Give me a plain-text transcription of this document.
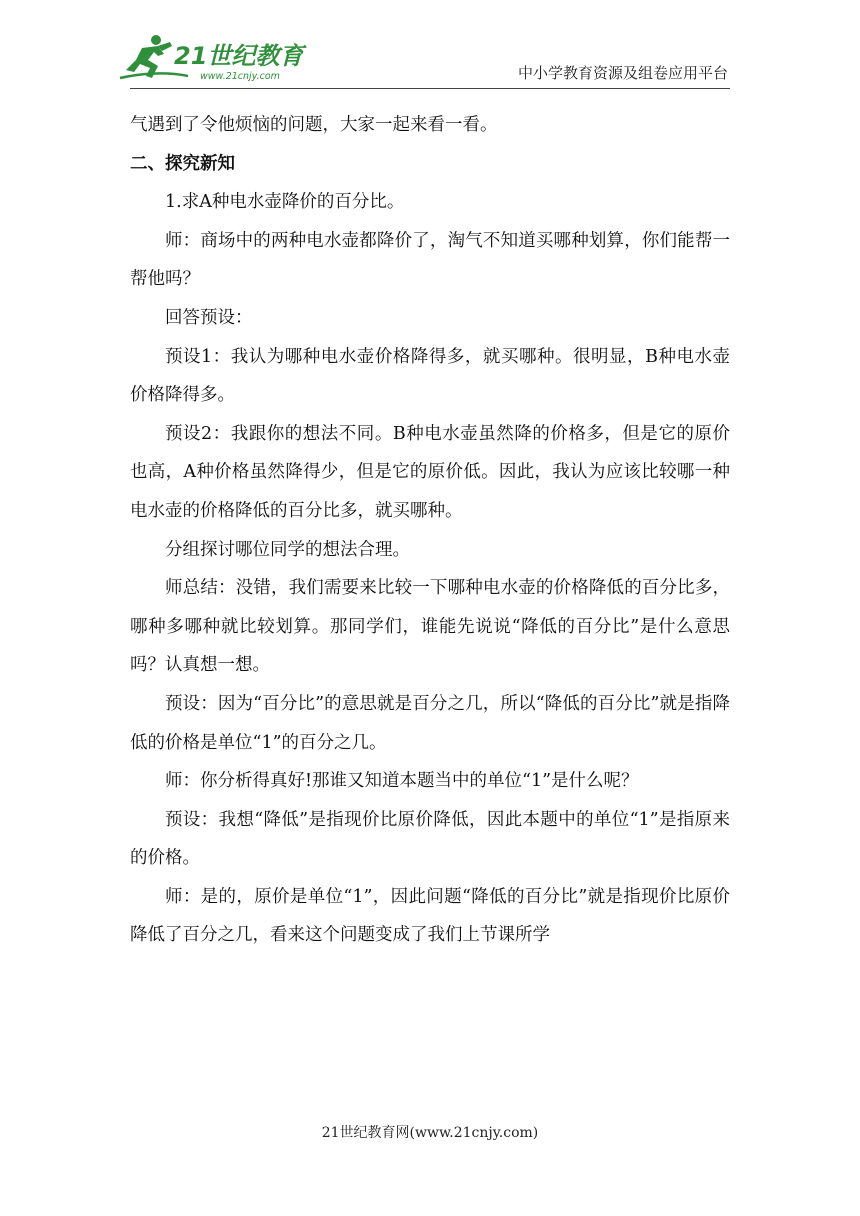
21世纪教育
www.21cnjy.com	中小学教育资源及组卷应用平台

气遇到了令他烦恼的问题，大家一起来看一看。

二、探究新知

1.求A种电水壶降价的百分比。

师：商场中的两种电水壶都降价了，淘气不知道买哪种划算，你们能帮一帮他吗？

回答预设：

预设1：我认为哪种电水壶价格降得多，就买哪种。很明显，B种电水壶价格降得多。

预设2：我跟你的想法不同。B种电水壶虽然降的价格多，但是它的原价也高，A种价格虽然降得少，但是它的原价低。因此，我认为应该比较哪一种电水壶的价格降低的百分比多，就买哪种。

分组探讨哪位同学的想法合理。

师总结：没错，我们需要来比较一下哪种电水壶的价格降低的百分比多，哪种多哪种就比较划算。那同学们，谁能先说说“降低的百分比”是什么意思吗？认真想一想。

预设：因为“百分比”的意思就是百分之几，所以“降低的百分比”就是指降低的价格是单位“1”的百分之几。

师：你分析得真好!那谁又知道本题当中的单位“1”是什么呢？

预设：我想“降低”是指现价比原价降低，因此本题中的单位“1”是指原来的价格。

师：是的，原价是单位“1”，因此问题“降低的百分比”就是指现价比原价降低了百分之几，看来这个问题变成了我们上节课所学

21世纪教育网(www.21cnjy.com)
